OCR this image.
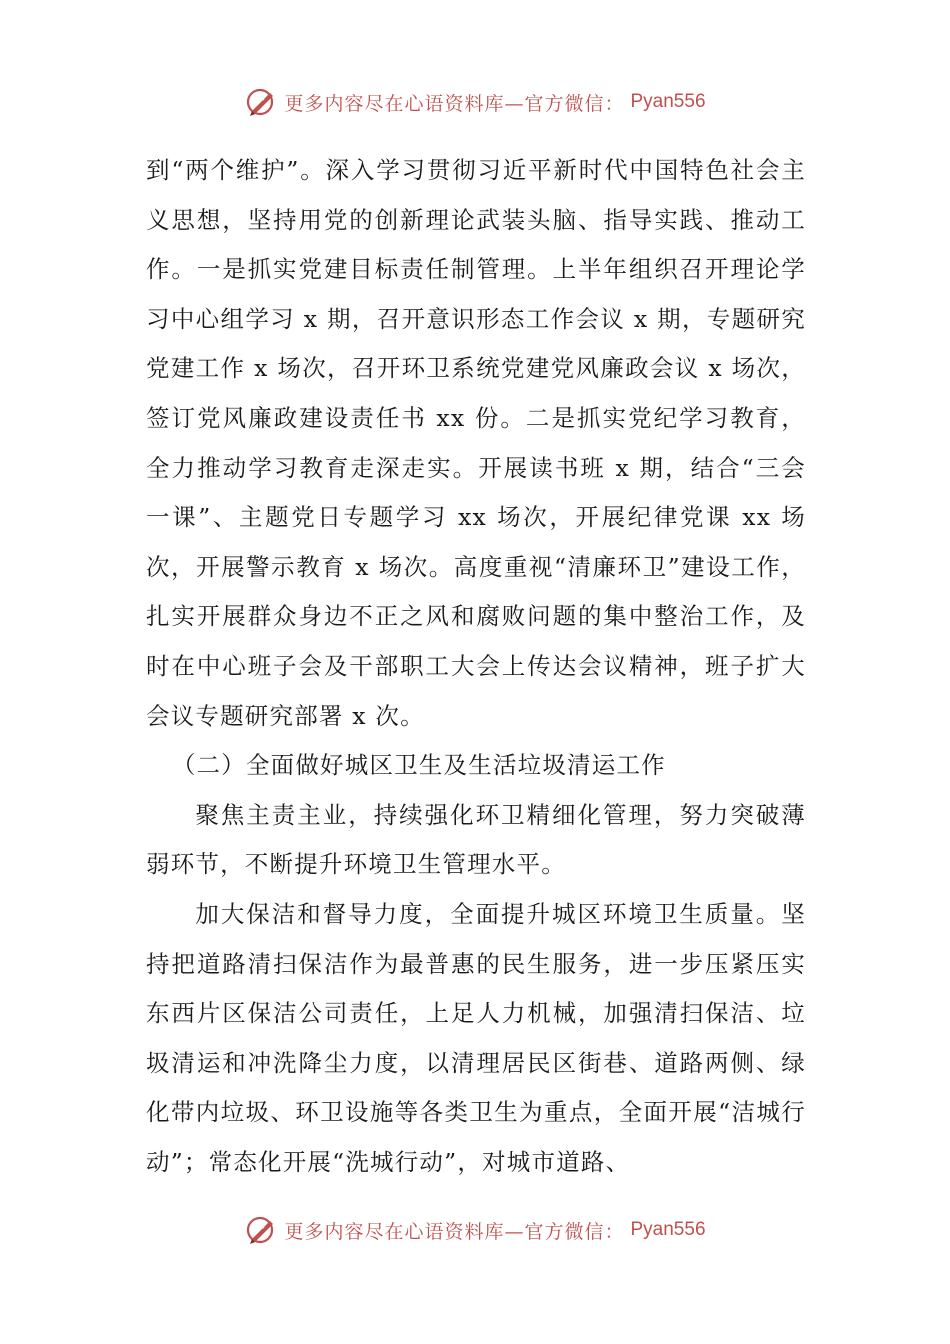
更多内容尽在心语资料库—官方微信： Pyan556

到“两个维护”。深入学习贯彻习近平新时代中国特色社会主义思想，坚持用党的创新理论武装头脑、指导实践、推动工作。一是抓实党建目标责任制管理。上半年组织召开理论学习中心组学习 x 期，召开意识形态工作会议 x 期，专题研究党建工作 x 场次，召开环卫系统党建党风廉政会议 x 场次，签订党风廉政建设责任书 xx 份。二是抓实党纪学习教育，全力推动学习教育走深走实。开展读书班 x 期，结合“三会一课”、主题党日专题学习 xx 场次，开展纪律党课 xx 场次，开展警示教育 x 场次。高度重视“清廉环卫”建设工作，扎实开展群众身边不正之风和腐败问题的集中整治工作，及时在中心班子会及干部职工大会上传达会议精神，班子扩大会议专题研究部署 x 次。

（二）全面做好城区卫生及生活垃圾清运工作

聚焦主责主业，持续强化环卫精细化管理，努力突破薄弱环节，不断提升环境卫生管理水平。

加大保洁和督导力度，全面提升城区环境卫生质量。坚持把道路清扫保洁作为最普惠的民生服务，进一步压紧压实东西片区保洁公司责任，上足人力机械，加强清扫保洁、垃圾清运和冲洗降尘力度，以清理居民区街巷、道路两侧、绿化带内垃圾、环卫设施等各类卫生为重点，全面开展“洁城行动”；常态化开展“洗城行动”，对城市道路、

更多内容尽在心语资料库—官方微信： Pyan556
